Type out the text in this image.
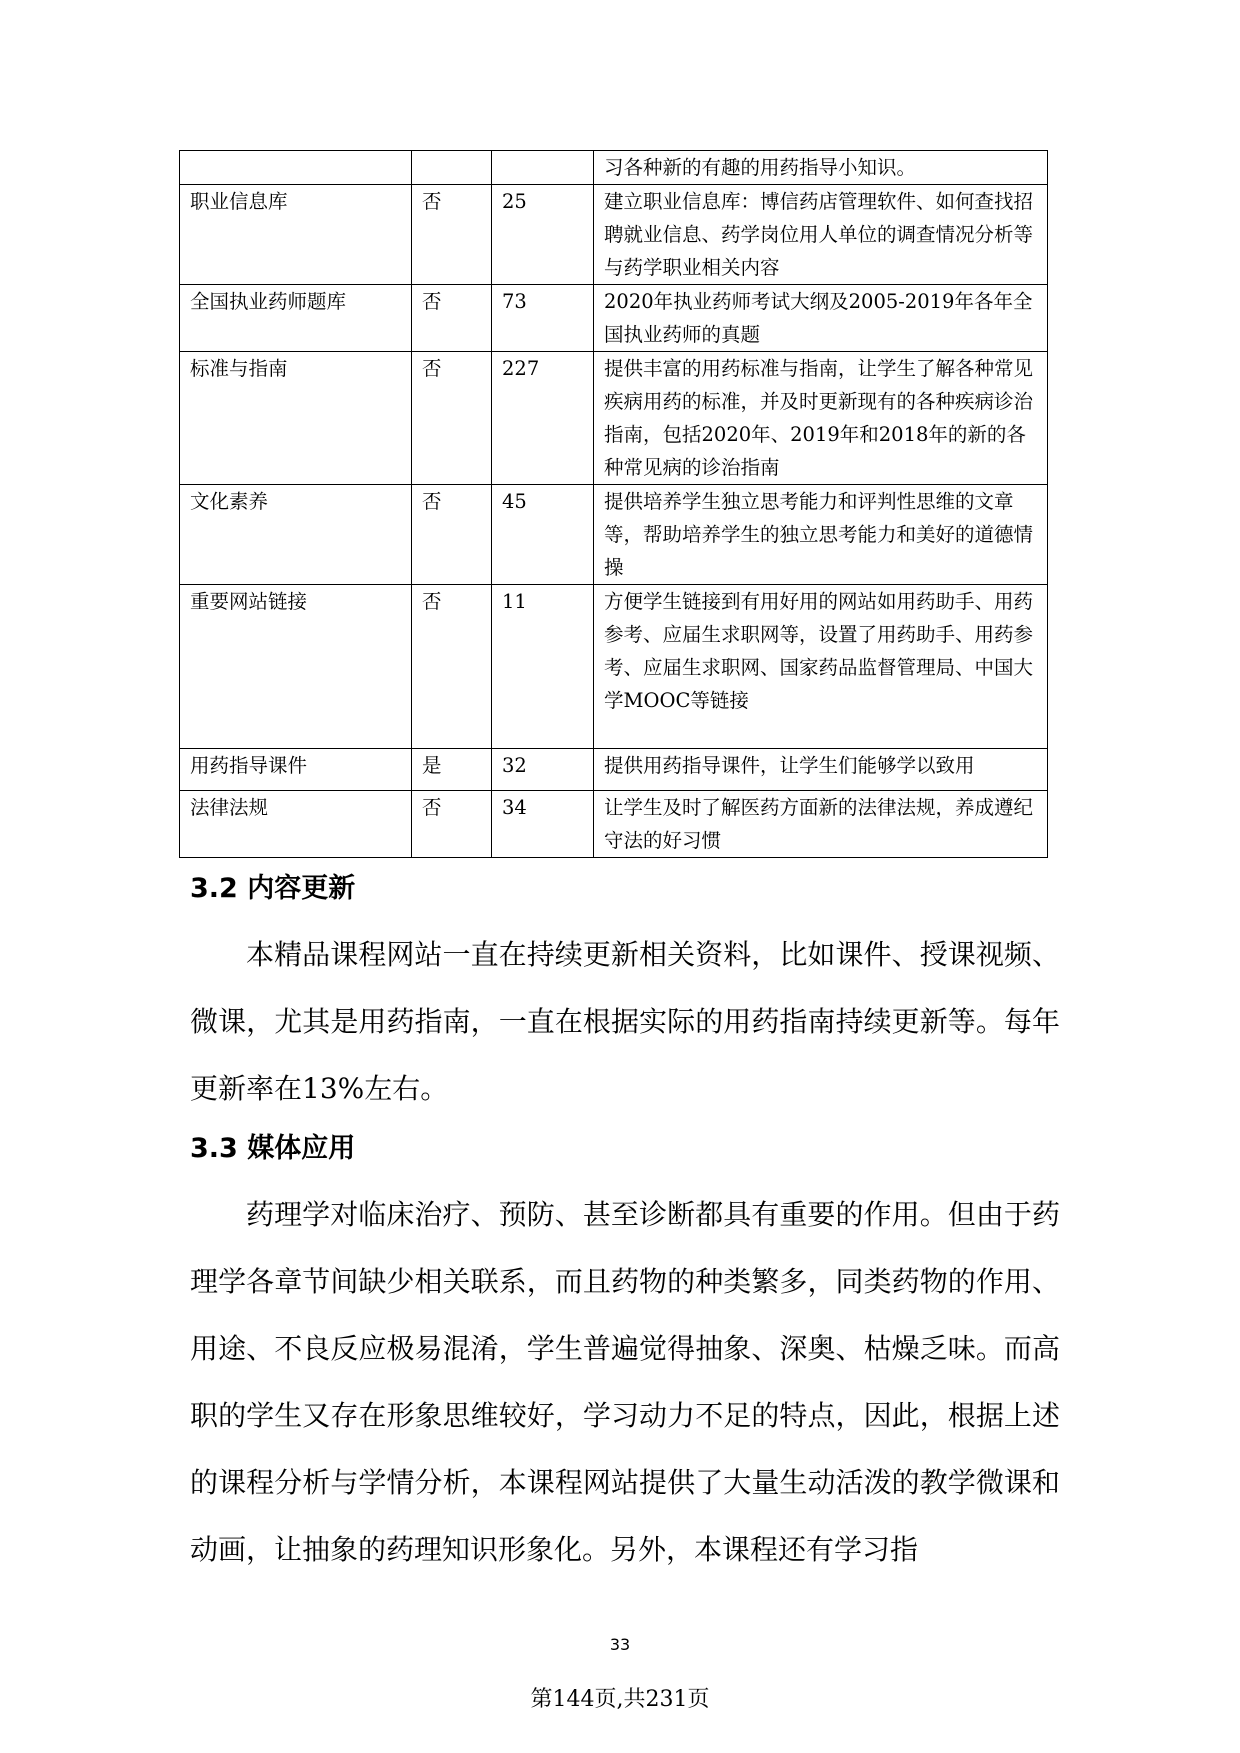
			习各种新的有趣的用药指导小知识。
职业信息库	否	25	建立职业信息库：博信药店管理软件、如何查找招聘就业信息、药学岗位用人单位的调查情况分析等与药学职业相关内容
全国执业药师题库	否	73	2020年执业药师考试大纲及2005-2019年各年全国执业药师的真题
标准与指南	否	227	提供丰富的用药标准与指南，让学生了解各种常见疾病用药的标准，并及时更新现有的各种疾病诊治指南，包括2020年、2019年和2018年的新的各种常见病的诊治指南
文化素养	否	45	提供培养学生独立思考能力和评判性思维的文章等，帮助培养学生的独立思考能力和美好的道德情操
重要网站链接	否	11	方便学生链接到有用好用的网站如用药助手、用药参考、应届生求职网等，设置了用药助手、用药参考、应届生求职网、国家药品监督管理局、中国大学MOOC等链接
用药指导课件	是	32	提供用药指导课件，让学生们能够学以致用
法律法规	否	34	让学生及时了解医药方面新的法律法规，养成遵纪守法的好习惯
3.2 内容更新

本精品课程网站一直在持续更新相关资料，比如课件、授课视频、微课，尤其是用药指南，一直在根据实际的用药指南持续更新等。每年更新率在13%左右。

3.3 媒体应用

药理学对临床治疗、预防、甚至诊断都具有重要的作用。但由于药理学各章节间缺少相关联系，而且药物的种类繁多，同类药物的作用、用途、不良反应极易混淆，学生普遍觉得抽象、深奥、枯燥乏味。而高职的学生又存在形象思维较好，学习动力不足的特点，因此，根据上述的课程分析与学情分析，本课程网站提供了大量生动活泼的教学微课和动画，让抽象的药理知识形象化。另外，本课程还有学习指

33
第144页,共231页
